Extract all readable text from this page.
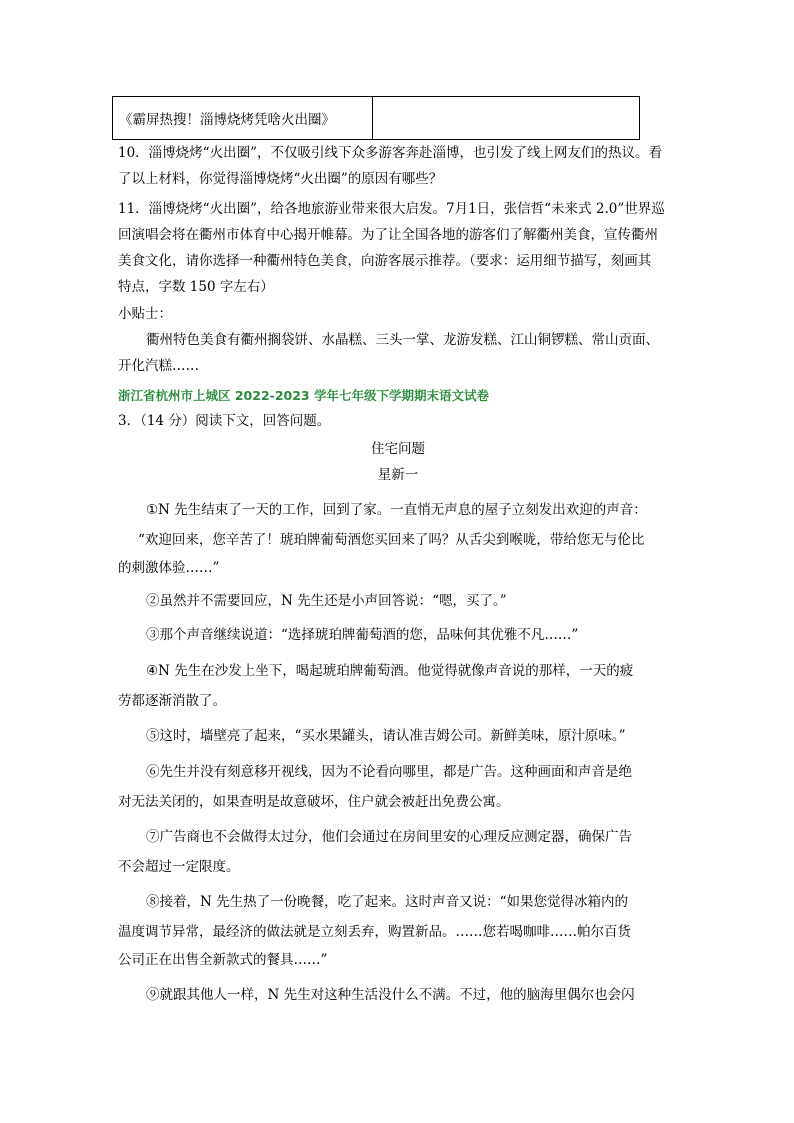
《霸屏热搜！淄博烧烤凭啥火出圈》
10．淄博烧烤“火出圈”，不仅吸引线下众多游客奔赴淄博，也引发了线上网友们的热议。看
了以上材料，你觉得淄博烧烤“火出圈”的原因有哪些？
11．淄博烧烤“火出圈”，给各地旅游业带来很大启发。7月1日，张信哲“未来式 2.0”世界巡
回演唱会将在衢州市体育中心揭开帷幕。为了让全国各地的游客们了解衢州美食，宣传衢州
美食文化，请你选择一种衢州特色美食，向游客展示推荐。（要求：运用细节描写，刻画其
特点，字数 150 字左右）
小贴士：
衢州特色美食有衢州搁袋饼、水晶糕、三头一掌、龙游发糕、江山铜锣糕、常山贡面、
开化汽糕……
浙江省杭州市上城区 2022-2023 学年七年级下学期期末语文试卷
3．（14 分）阅读下文，回答问题。
住宅问题
星新一
①N 先生结束了一天的工作，回到了家。一直悄无声息的屋子立刻发出欢迎的声音：
“欢迎回来，您辛苦了！琥珀牌葡萄酒您买回来了吗？从舌尖到喉咙，带给您无与伦比
的刺激体验……”
②虽然并不需要回应，N 先生还是小声回答说：“嗯，买了。”
③那个声音继续说道：“选择琥珀牌葡萄酒的您，品味何其优雅不凡……”
④N 先生在沙发上坐下，喝起琥珀牌葡萄酒。他觉得就像声音说的那样，一天的疲
劳都逐渐消散了。
⑤这时，墙壁亮了起来，“买水果罐头，请认准吉姆公司。新鲜美味，原汁原味。”
⑥先生并没有刻意移开视线，因为不论看向哪里，都是广告。这种画面和声音是绝
对无法关闭的，如果查明是故意破坏，住户就会被赶出免费公寓。
⑦广告商也不会做得太过分，他们会通过在房间里安的心理反应测定器，确保广告
不会超过一定限度。
⑧接着，N 先生热了一份晚餐，吃了起来。这时声音又说：“如果您觉得冰箱内的
温度调节异常，最经济的做法就是立刻丢弃，购置新品。……您若喝咖啡……帕尔百货
公司正在出售全新款式的餐具……”
⑨就跟其他人一样，N 先生对这种生活没什么不满。不过，他的脑海里偶尔也会闪
